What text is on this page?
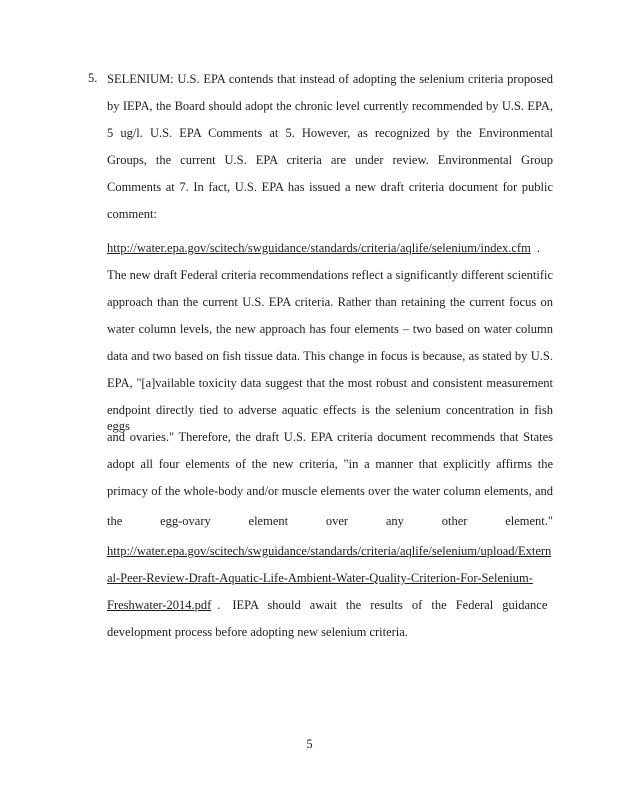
5. SELENIUM: U.S. EPA contends that instead of adopting the selenium criteria proposed
by IEPA, the Board should adopt the chronic level currently recommended by U.S. EPA,
5 ug/l. U.S. EPA Comments at 5. However, as recognized by the Environmental
Groups, the current U.S. EPA criteria are under review. Environmental Group
Comments at 7. In fact, U.S. EPA has issued a new draft criteria document for public
comment:
http://water.epa.gov/scitech/swguidance/standards/criteria/aqlife/selenium/index.cfm .
The new draft Federal criteria recommendations reflect a significantly different scientific
approach than the current U.S. EPA criteria. Rather than retaining the current focus on
water column levels, the new approach has four elements – two based on water column
data and two based on fish tissue data. This change in focus is because, as stated by U.S.
EPA, "[a]vailable toxicity data suggest that the most robust and consistent measurement
endpoint directly tied to adverse aquatic effects is the selenium concentration in fish eggs
and ovaries." Therefore, the draft U.S. EPA criteria document recommends that States
adopt all four elements of the new criteria, "in a manner that explicitly affirms the
primacy of the whole-body and/or muscle elements over the water column elements, and
the egg-ovary element over any other element."
http://water.epa.gov/scitech/swguidance/standards/criteria/aqlife/selenium/upload/Extern
al-Peer-Review-Draft-Aquatic-Life-Ambient-Water-Quality-Criterion-For-Selenium-
Freshwater-2014.pdf . IEPA should await the results of the Federal guidance
development process before adopting new selenium criteria.
5
